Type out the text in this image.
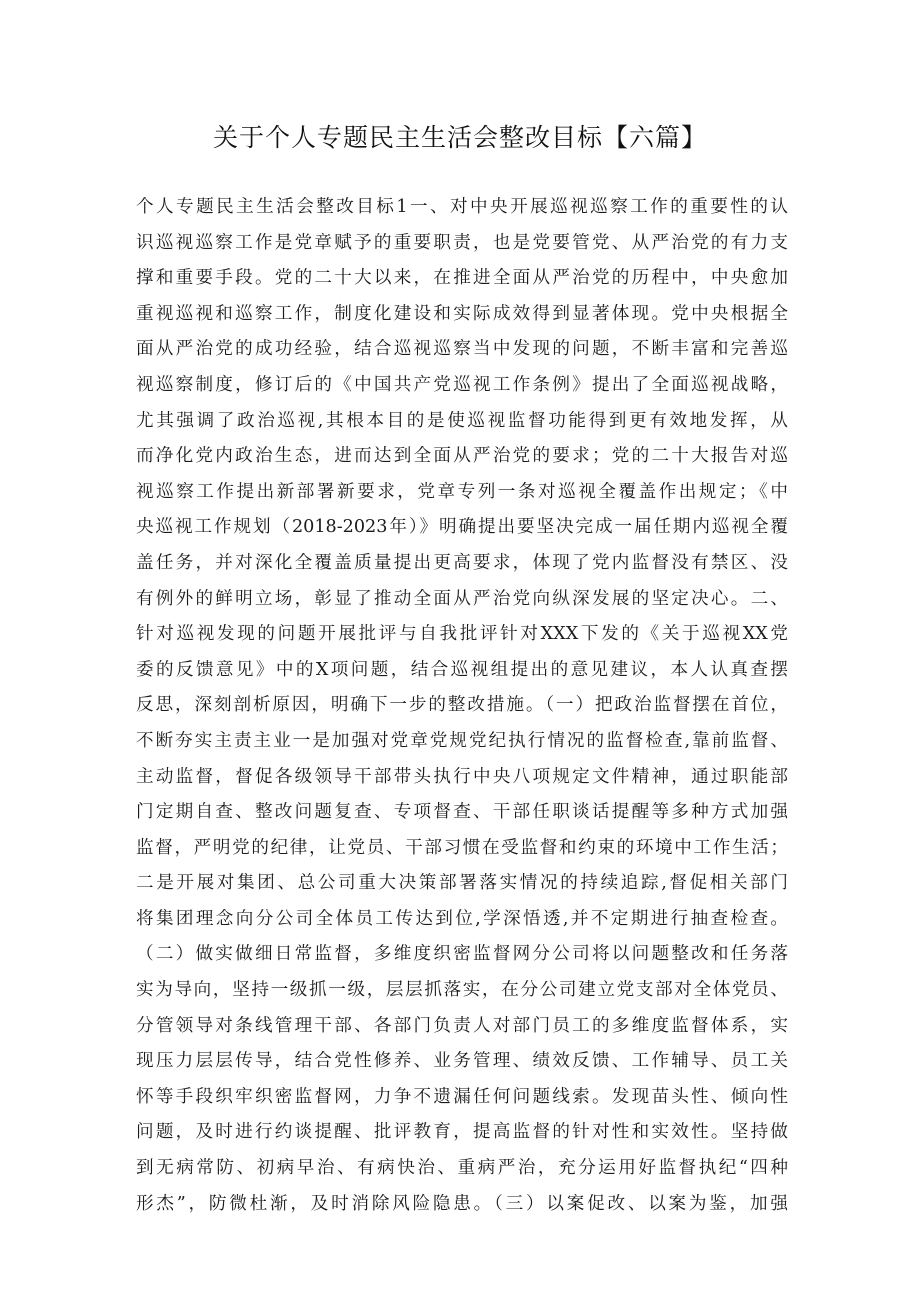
关于个人专题民主生活会整改目标【六篇】
个人专题民主生活会整改目标1一、对中央开展巡视巡察工作的重要性的认
识巡视巡察工作是党章赋予的重要职责，也是党要管党、从严治党的有力支
撑和重要手段。党的二十大以来，在推进全面从严治党的历程中，中央愈加
重视巡视和巡察工作，制度化建设和实际成效得到显著体现。党中央根据全
面从严治党的成功经验，结合巡视巡察当中发现的问题，不断丰富和完善巡
视巡察制度，修订后的《中国共产党巡视工作条例》提出了全面巡视战略，
尤其强调了政治巡视,其根本目的是使巡视监督功能得到更有效地发挥，从
而净化党内政治生态，进而达到全面从严治党的要求；党的二十大报告对巡
视巡察工作提出新部署新要求，党章专列一条对巡视全覆盖作出规定；《中
央巡视工作规划（2018-2023年）》明确提出要坚决完成一届任期内巡视全覆
盖任务，并对深化全覆盖质量提出更高要求，体现了党内监督没有禁区、没
有例外的鲜明立场，彰显了推动全面从严治党向纵深发展的坚定决心。二、
针对巡视发现的问题开展批评与自我批评针对XXX下发的《关于巡视XX党
委的反馈意见》中的X项问题，结合巡视组提出的意见建议，本人认真查摆
反思，深刻剖析原因，明确下一步的整改措施。（一）把政治监督摆在首位，
不断夯实主责主业一是加强对党章党规党纪执行情况的监督检查,靠前监督、
主动监督，督促各级领导干部带头执行中央八项规定文件精神，通过职能部
门定期自查、整改问题复查、专项督查、干部任职谈话提醒等多种方式加强
监督，严明党的纪律，让党员、干部习惯在受监督和约束的环境中工作生活；
二是开展对集团、总公司重大决策部署落实情况的持续追踪,督促相关部门
将集团理念向分公司全体员工传达到位,学深悟透,并不定期进行抽查检查。
（二）做实做细日常监督，多维度织密监督网分公司将以问题整改和任务落
实为导向，坚持一级抓一级，层层抓落实，在分公司建立党支部对全体党员、
分管领导对条线管理干部、各部门负责人对部门员工的多维度监督体系，实
现压力层层传导，结合党性修养、业务管理、绩效反馈、工作辅导、员工关
怀等手段织牢织密监督网，力争不遗漏任何问题线索。发现苗头性、倾向性
问题，及时进行约谈提醒、批评教育，提高监督的针对性和实效性。坚持做
到无病常防、初病早治、有病快治、重病严治，充分运用好监督执纪“四种
形杰”，防微杜渐，及时消除风险隐患。（三）以案促改、以案为鉴，加强
